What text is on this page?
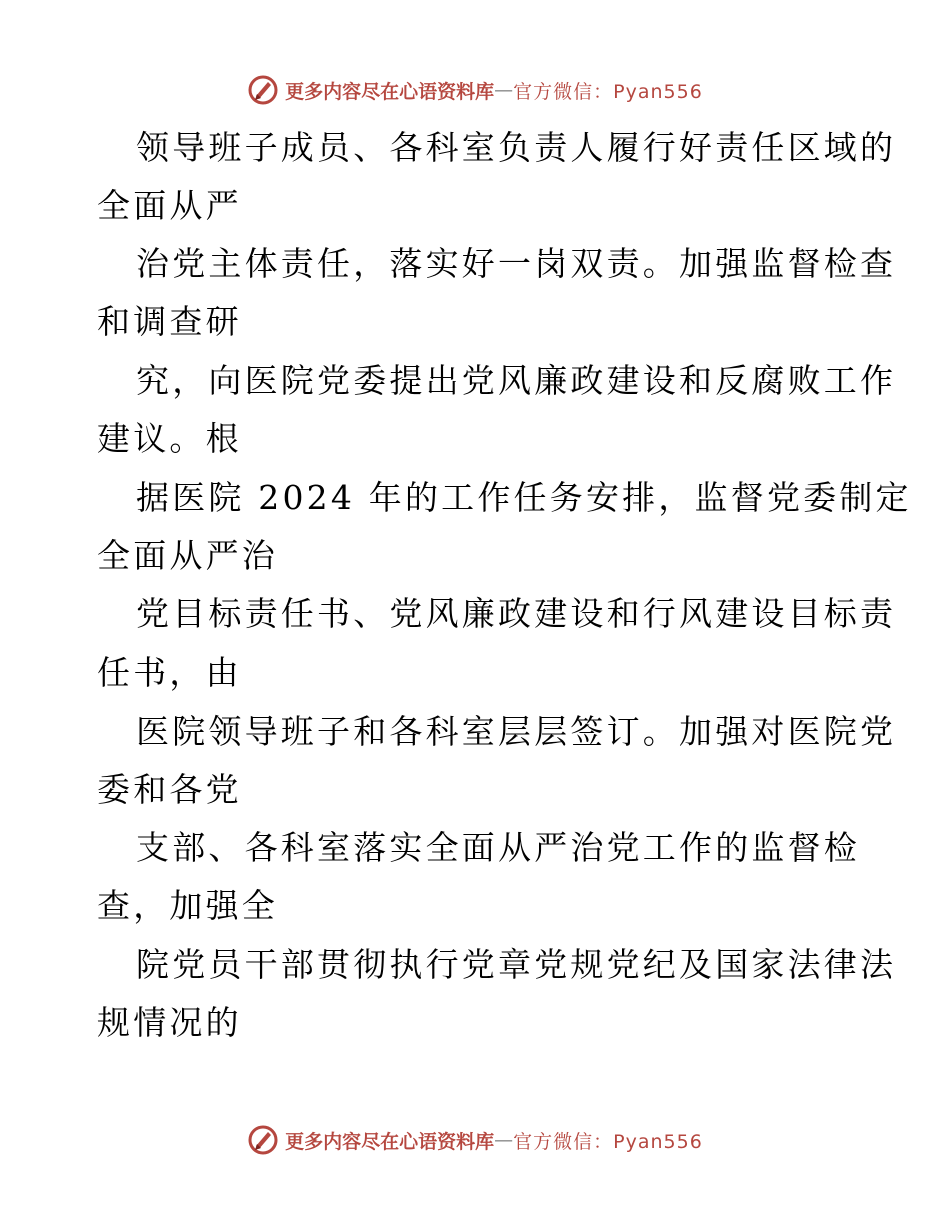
更多内容尽在心语资料库 — 官方微信：Pyan556
领导班子成员、各科室负责人履行好责任区域的
全面从严
治党主体责任，落实好一岗双责。加强监督检查
和调查研
究，向医院党委提出党风廉政建设和反腐败工作
建议。根
据医院 2024 年的工作任务安排，监督党委制定
全面从严治
党目标责任书、党风廉政建设和行风建设目标责
任书，由
医院领导班子和各科室层层签订。加强对医院党
委和各党
支部、各科室落实全面从严治党工作的监督检
查，加强全
院党员干部贯彻执行党章党规党纪及国家法律法
规情况的
更多内容尽在心语资料库 — 官方微信：Pyan556
